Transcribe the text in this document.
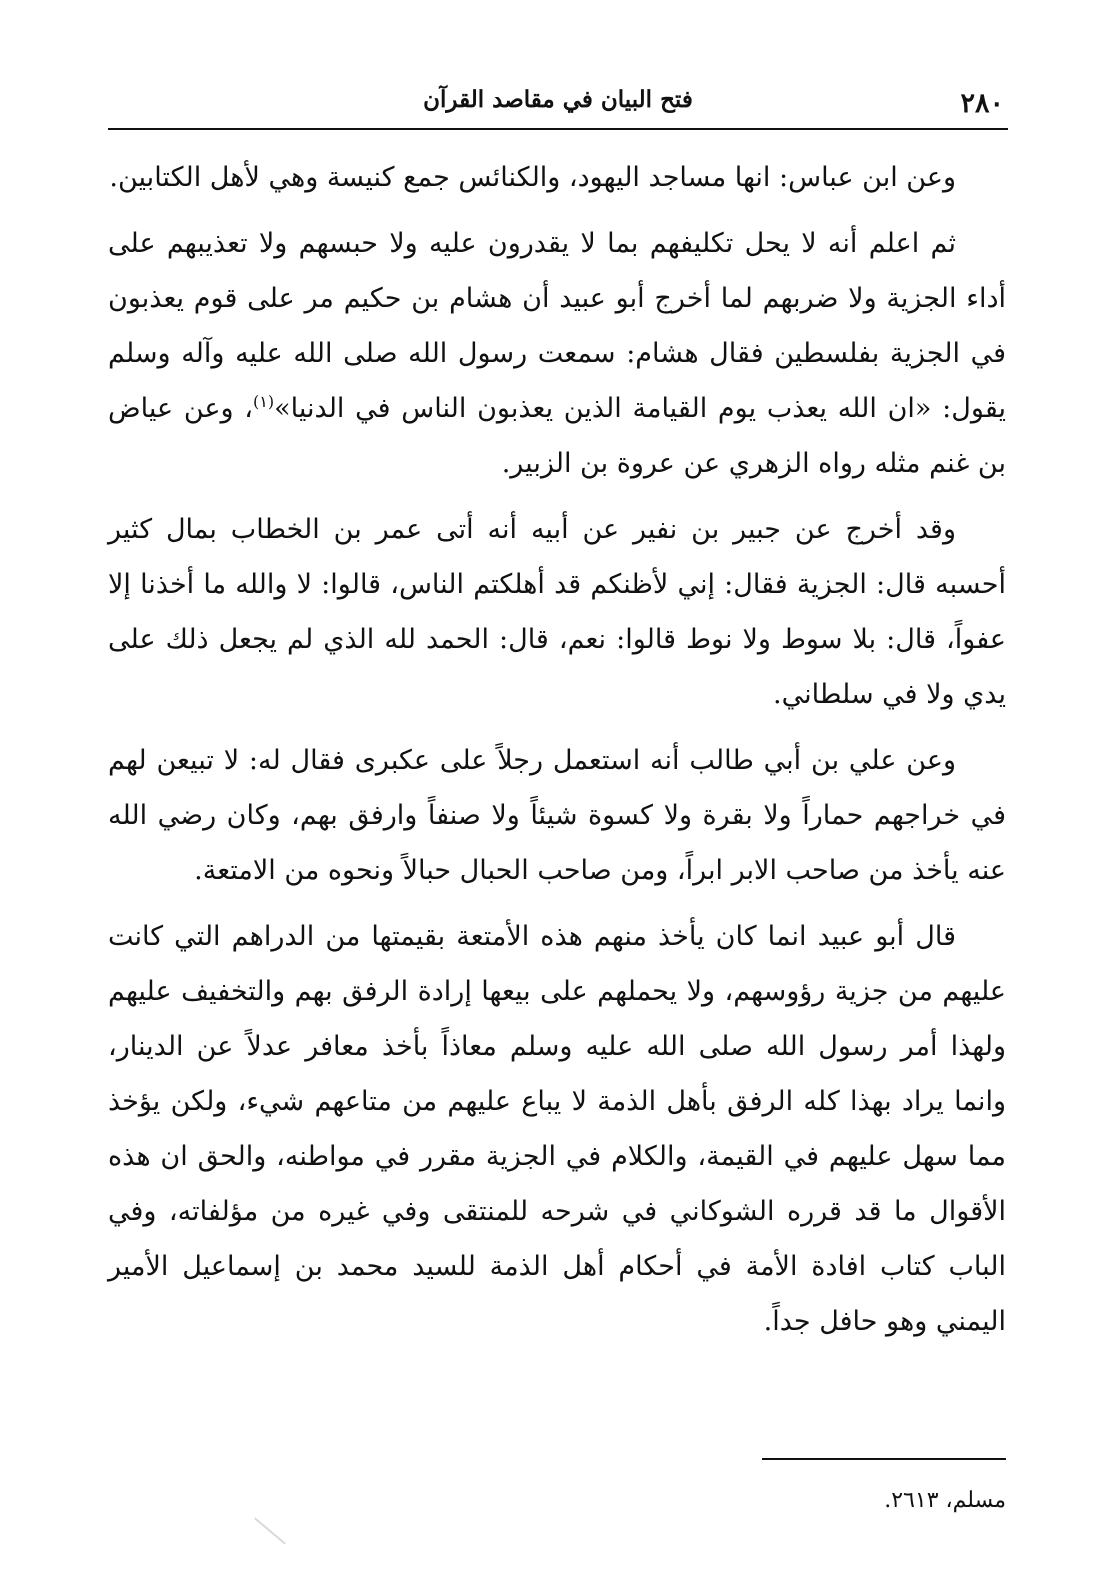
٢٨٠
فتح البيان في مقاصد القرآن

وعن ابن عباس: انها مساجد اليهود، والكنائس جمع كنيسة وهي لأهل الكتابين.

ثم اعلم أنه لا يحل تكليفهم بما لا يقدرون عليه ولا حبسهم ولا تعذيبهم على أداء الجزية ولا ضربهم لما أخرج أبو عبيد أن هشام بن حكيم مر على قوم يعذبون في الجزية بفلسطين فقال هشام: سمعت رسول الله صلى الله عليه وآله وسلم يقول: «ان الله يعذب يوم القيامة الذين يعذبون الناس في الدنيا»$^{(١)}$، وعن عياض بن غنم مثله رواه الزهري عن عروة بن الزبير.

وقد أخرج عن جبير بن نفير عن أبيه أنه أتى عمر بن الخطاب بمال كثير أحسبه قال: الجزية فقال: إني لأظنكم قد أهلكتم الناس، قالوا: لا والله ما أخذنا إلا عفواً، قال: بلا سوط ولا نوط قالوا: نعم، قال: الحمد لله الذي لم يجعل ذلك على يدي ولا في سلطاني.

وعن علي بن أبي طالب أنه استعمل رجلاً على عكبرى فقال له: لا تبيعن لهم في خراجهم حماراً ولا بقرة ولا كسوة شيئاً ولا صنفاً وارفق بهم، وكان رضي الله عنه يأخذ من صاحب الابر ابراً، ومن صاحب الحبال حبالاً ونحوه من الامتعة.

قال أبو عبيد انما كان يأخذ منهم هذه الأمتعة بقيمتها من الدراهم التي كانت عليهم من جزية رؤوسهم، ولا يحملهم على بيعها إرادة الرفق بهم والتخفيف عليهم ولهذا أمر رسول الله صلى الله عليه وسلم معاذاً بأخذ معافر عدلاً عن الدينار، وانما يراد بهذا كله الرفق بأهل الذمة لا يباع عليهم من متاعهم شيء، ولكن يؤخذ مما سهل عليهم في القيمة، والكلام في الجزية مقرر في مواطنه، والحق ان هذه الأقوال ما قد قرره الشوكاني في شرحه للمنتقى وفي غيره من مؤلفاته، وفي الباب كتاب افادة الأمة في أحكام أهل الذمة للسيد محمد بن إسماعيل الأمير اليمني وهو حافل جداً.

مسلم، ٢٦١٣.
